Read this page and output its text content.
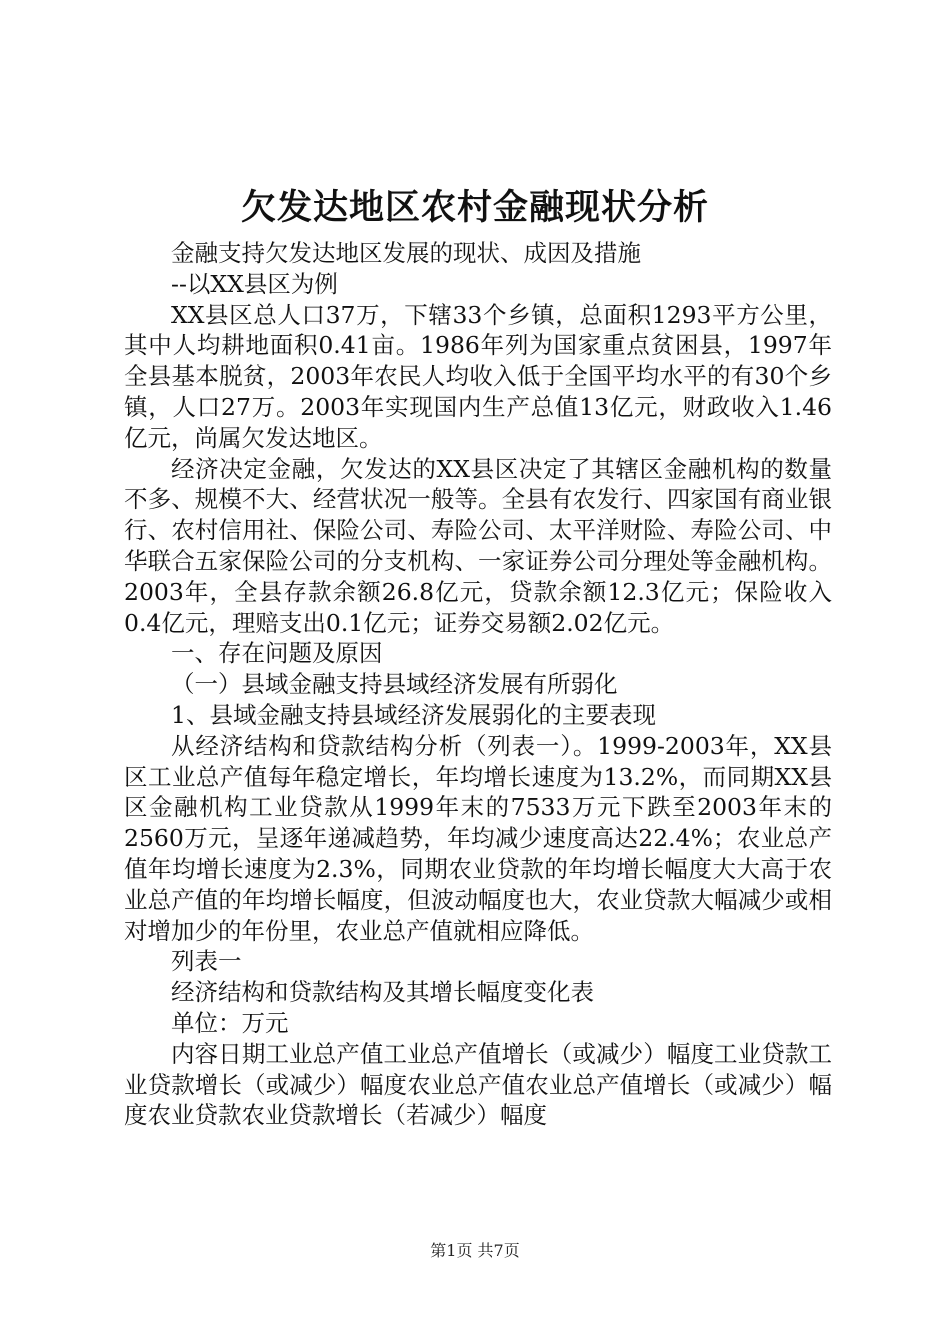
欠发达地区农村金融现状分析

金融支持欠发达地区发展的现状、成因及措施

--以XX县区为例

XX县区总人口37万，下辖33个乡镇，总面积1293平方公里，其中人均耕地面积0.41亩。1986年列为国家重点贫困县，1997年全县基本脱贫，2003年农民人均收入低于全国平均水平的有30个乡镇，人口27万。2003年实现国内生产总值13亿元，财政收入1.46亿元，尚属欠发达地区。

经济决定金融，欠发达的XX县区决定了其辖区金融机构的数量不多、规模不大、经营状况一般等。全县有农发行、四家国有商业银行、农村信用社、保险公司、寿险公司、太平洋财险、寿险公司、中华联合五家保险公司的分支机构、一家证券公司分理处等金融机构。2003年，全县存款余额26.8亿元，贷款余额12.3亿元；保险收入0.4亿元，理赔支出0.1亿元；证券交易额2.02亿元。

一、存在问题及原因

（一）县域金融支持县域经济发展有所弱化

1、县域金融支持县域经济发展弱化的主要表现

从经济结构和贷款结构分析（列表一）。1999-2003年，XX县区工业总产值每年稳定增长，年均增长速度为13.2%，而同期XX县区金融机构工业贷款从1999年末的7533万元下跌至2003年末的2560万元，呈逐年递减趋势，年均减少速度高达22.4%；农业总产值年均增长速度为2.3%，同期农业贷款的年均增长幅度大大高于农业总产值的年均增长幅度，但波动幅度也大，农业贷款大幅减少或相对增加少的年份里，农业总产值就相应降低。

列表一

经济结构和贷款结构及其增长幅度变化表

单位：万元

内容日期工业总产值工业总产值增长（或减少）幅度工业贷款工业贷款增长（或减少）幅度农业总产值农业总产值增长（或减少）幅度农业贷款农业贷款增长（若减少）幅度

第1页 共7页
